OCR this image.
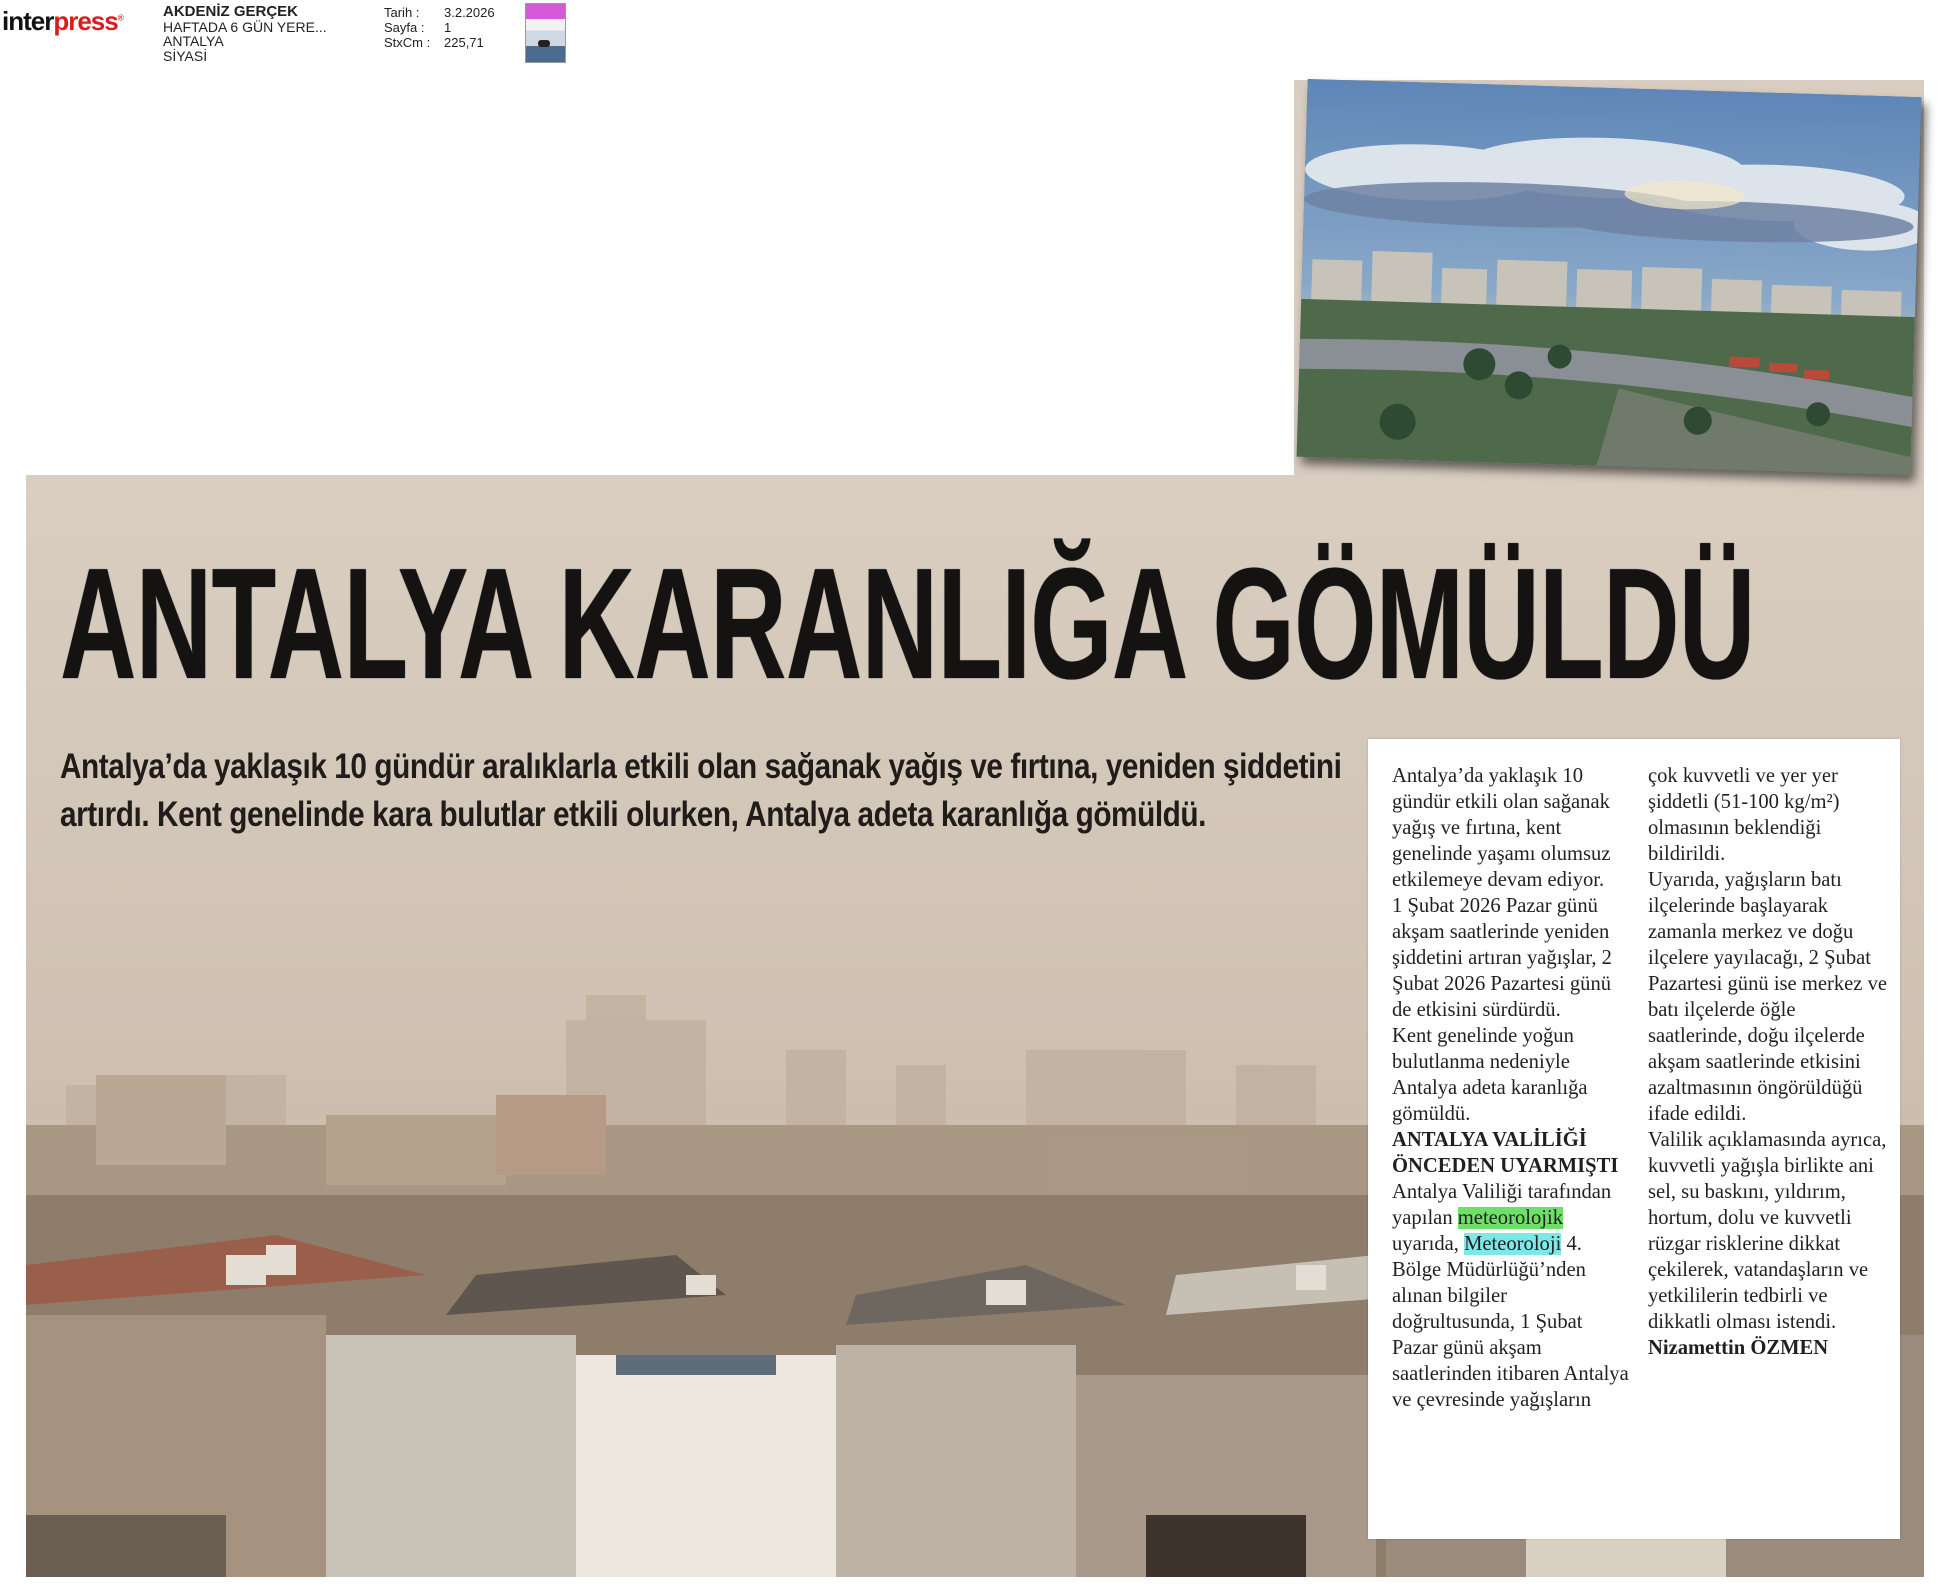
interpress®	AKDENİZ GERÇEK
HAFTADA 6 GÜN YERE...
ANTALYA
SİYASİ
Tarih :	3.2.2026
Sayfa :	1
StxCm :	225,71
ANTALYA KARANLIĞA GÖMÜLDÜ
Antalya’da yaklaşık 10 gündür aralıklarla etkili olan sağanak yağış ve fırtına, yeniden şiddetini artırdı. Kent genelinde kara bulutlar etkili olurken, Antalya adeta karanlığa gömüldü.

Antalya’da yaklaşık 10 gündür etkili olan sağanak yağış ve fırtına, kent genelinde yaşamı olumsuz etkilemeye devam ediyor.

1 Şubat 2026 Pazar günü akşam saatlerinde yeniden şiddetini artıran yağışlar, 2 Şubat 2026 Pazartesi günü de etkisini sürdürdü.

Kent genelinde yoğun bulutlanma nedeniyle Antalya adeta karanlığa gömüldü.

ANTALYA VALİLİĞİ ÖNCEDEN UYARMIŞTI

Antalya Valiliği tarafından yapılan meteorolojik uyarıda, Meteoroloji 4. Bölge Müdürlüğü’nden alınan bilgiler doğrultusunda, 1 Şubat Pazar günü akşam saatlerinden itibaren Antalya ve çevresinde yağışların

çok kuvvetli ve yer yer şiddetli (51-100 kg/m²) olmasının beklendiği bildirildi.

Uyarıda, yağışların batı ilçelerinde başlayarak zamanla merkez ve doğu ilçelere yayılacağı, 2 Şubat Pazartesi günü ise merkez ve batı ilçelerde öğle saatlerinde, doğu ilçelerde akşam saatlerinde etkisini azaltmasının öngörüldüğü ifade edildi.

Valilik açıklamasında ayrıca, kuvvetli yağışla birlikte ani sel, su baskını, yıldırım, hortum, dolu ve kuvvetli rüzgar risklerine dikkat çekilerek, vatandaşların ve yetkililerin tedbirli ve dikkatli olması istendi.

Nizamettin ÖZMEN
